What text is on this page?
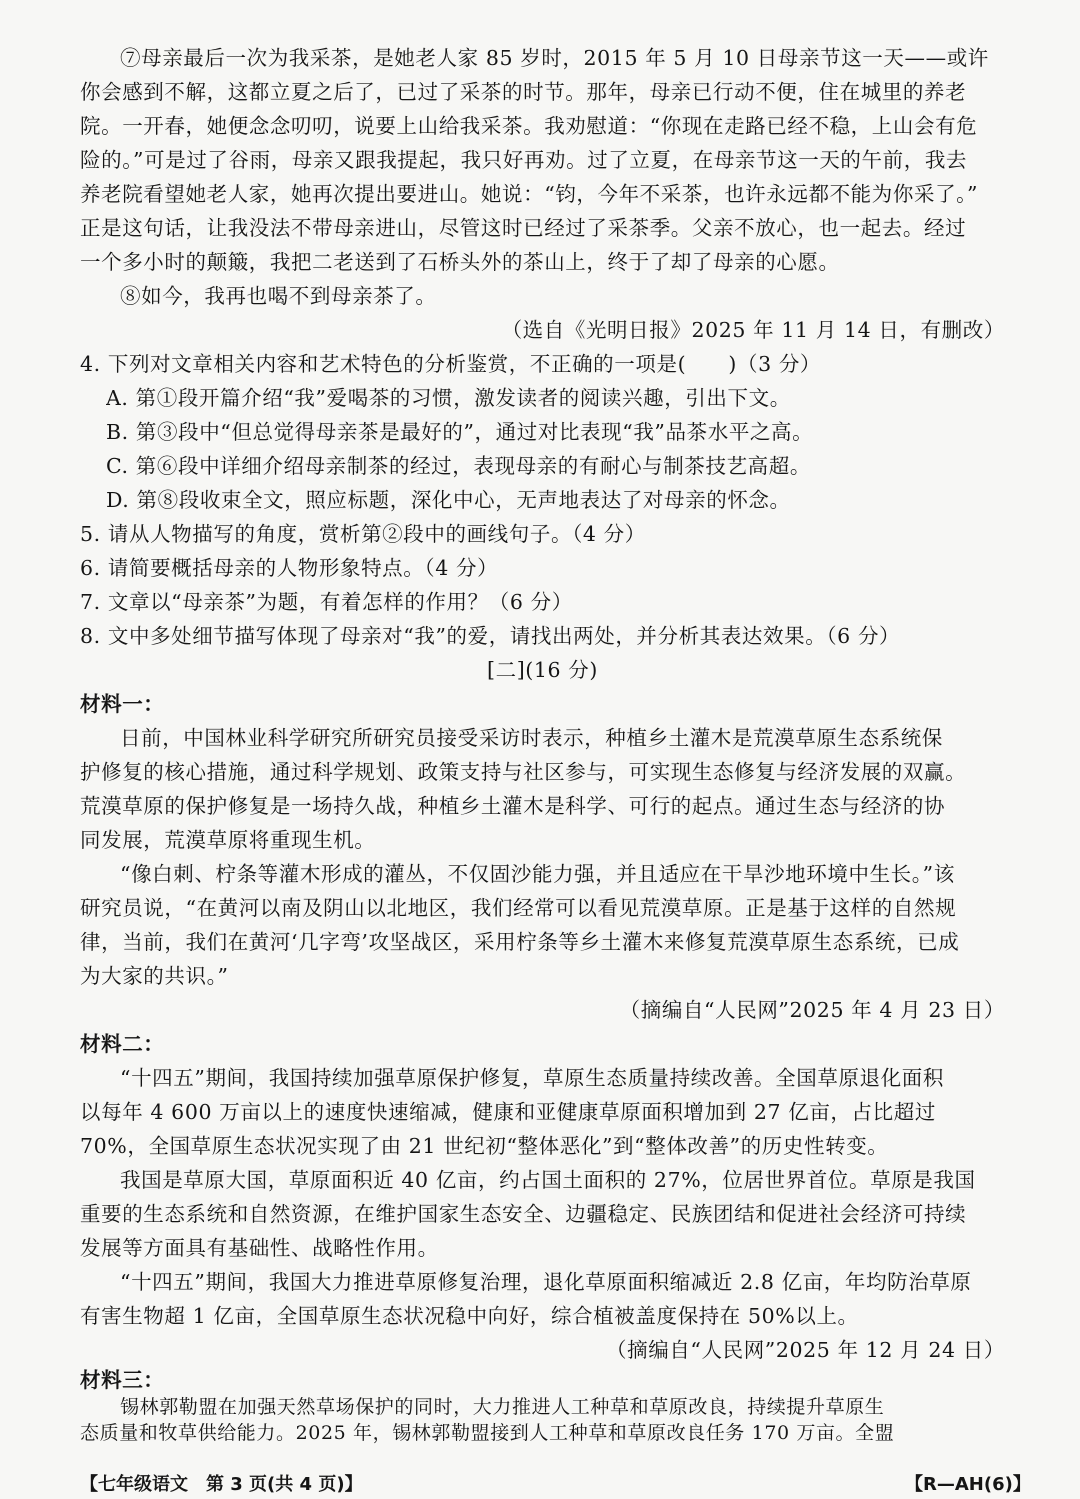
⑦母亲最后一次为我采茶，是她老人家 85 岁时，2015 年 5 月 10 日母亲节这一天——或许
你会感到不解，这都立夏之后了，已过了采茶的时节。那年，母亲已行动不便，住在城里的养老
院。一开春，她便念念叨叨，说要上山给我采茶。我劝慰道：“你现在走路已经不稳，上山会有危
险的。”可是过了谷雨，母亲又跟我提起，我只好再劝。过了立夏，在母亲节这一天的午前，我去
养老院看望她老人家，她再次提出要进山。她说：“钧，今年不采茶，也许永远都不能为你采了。”
正是这句话，让我没法不带母亲进山，尽管这时已经过了采茶季。父亲不放心，也一起去。经过
一个多小时的颠簸，我把二老送到了石桥头外的茶山上，终于了却了母亲的心愿。
⑧如今，我再也喝不到母亲茶了。
（选自《光明日报》2025 年 11 月 14 日，有删改）
4. 下列对文章相关内容和艺术特色的分析鉴赏，不正确的一项是(　　)（3 分）
A. 第①段开篇介绍“我”爱喝茶的习惯，激发读者的阅读兴趣，引出下文。
B. 第③段中“但总觉得母亲茶是最好的”，通过对比表现“我”品茶水平之高。
C. 第⑥段中详细介绍母亲制茶的经过，表现母亲的有耐心与制茶技艺高超。
D. 第⑧段收束全文，照应标题，深化中心，无声地表达了对母亲的怀念。
5. 请从人物描写的角度，赏析第②段中的画线句子。（4 分）
6. 请简要概括母亲的人物形象特点。（4 分）
7. 文章以“母亲茶”为题，有着怎样的作用？（6 分）
8. 文中多处细节描写体现了母亲对“我”的爱，请找出两处，并分析其表达效果。（6 分）
[二](16 分)
材料一：
日前，中国林业科学研究所研究员接受采访时表示，种植乡土灌木是荒漠草原生态系统保
护修复的核心措施，通过科学规划、政策支持与社区参与，可实现生态修复与经济发展的双赢。
荒漠草原的保护修复是一场持久战，种植乡土灌木是科学、可行的起点。通过生态与经济的协
同发展，荒漠草原将重现生机。
“像白刺、柠条等灌木形成的灌丛，不仅固沙能力强，并且适应在干旱沙地环境中生长。”该
研究员说，“在黄河以南及阴山以北地区，我们经常可以看见荒漠草原。正是基于这样的自然规
律，当前，我们在黄河‘几字弯’攻坚战区，采用柠条等乡土灌木来修复荒漠草原生态系统，已成
为大家的共识。”
（摘编自“人民网”2025 年 4 月 23 日）
材料二：
“十四五”期间，我国持续加强草原保护修复，草原生态质量持续改善。全国草原退化面积
以每年 4 600 万亩以上的速度快速缩减，健康和亚健康草原面积增加到 27 亿亩，占比超过
70%，全国草原生态状况实现了由 21 世纪初“整体恶化”到“整体改善”的历史性转变。
我国是草原大国，草原面积近 40 亿亩，约占国土面积的 27%，位居世界首位。草原是我国
重要的生态系统和自然资源，在维护国家生态安全、边疆稳定、民族团结和促进社会经济可持续
发展等方面具有基础性、战略性作用。
“十四五”期间，我国大力推进草原修复治理，退化草原面积缩减近 2.8 亿亩，年均防治草原
有害生物超 1 亿亩，全国草原生态状况稳中向好，综合植被盖度保持在 50%以上。
（摘编自“人民网”2025 年 12 月 24 日）
材料三：
锡林郭勒盟在加强天然草场保护的同时，大力推进人工种草和草原改良，持续提升草原生
态质量和牧草供给能力。2025 年，锡林郭勒盟接到人工种草和草原改良任务 170 万亩。全盟
【七年级语文　第 3 页(共 4 页)】	【R—AH(6)】
